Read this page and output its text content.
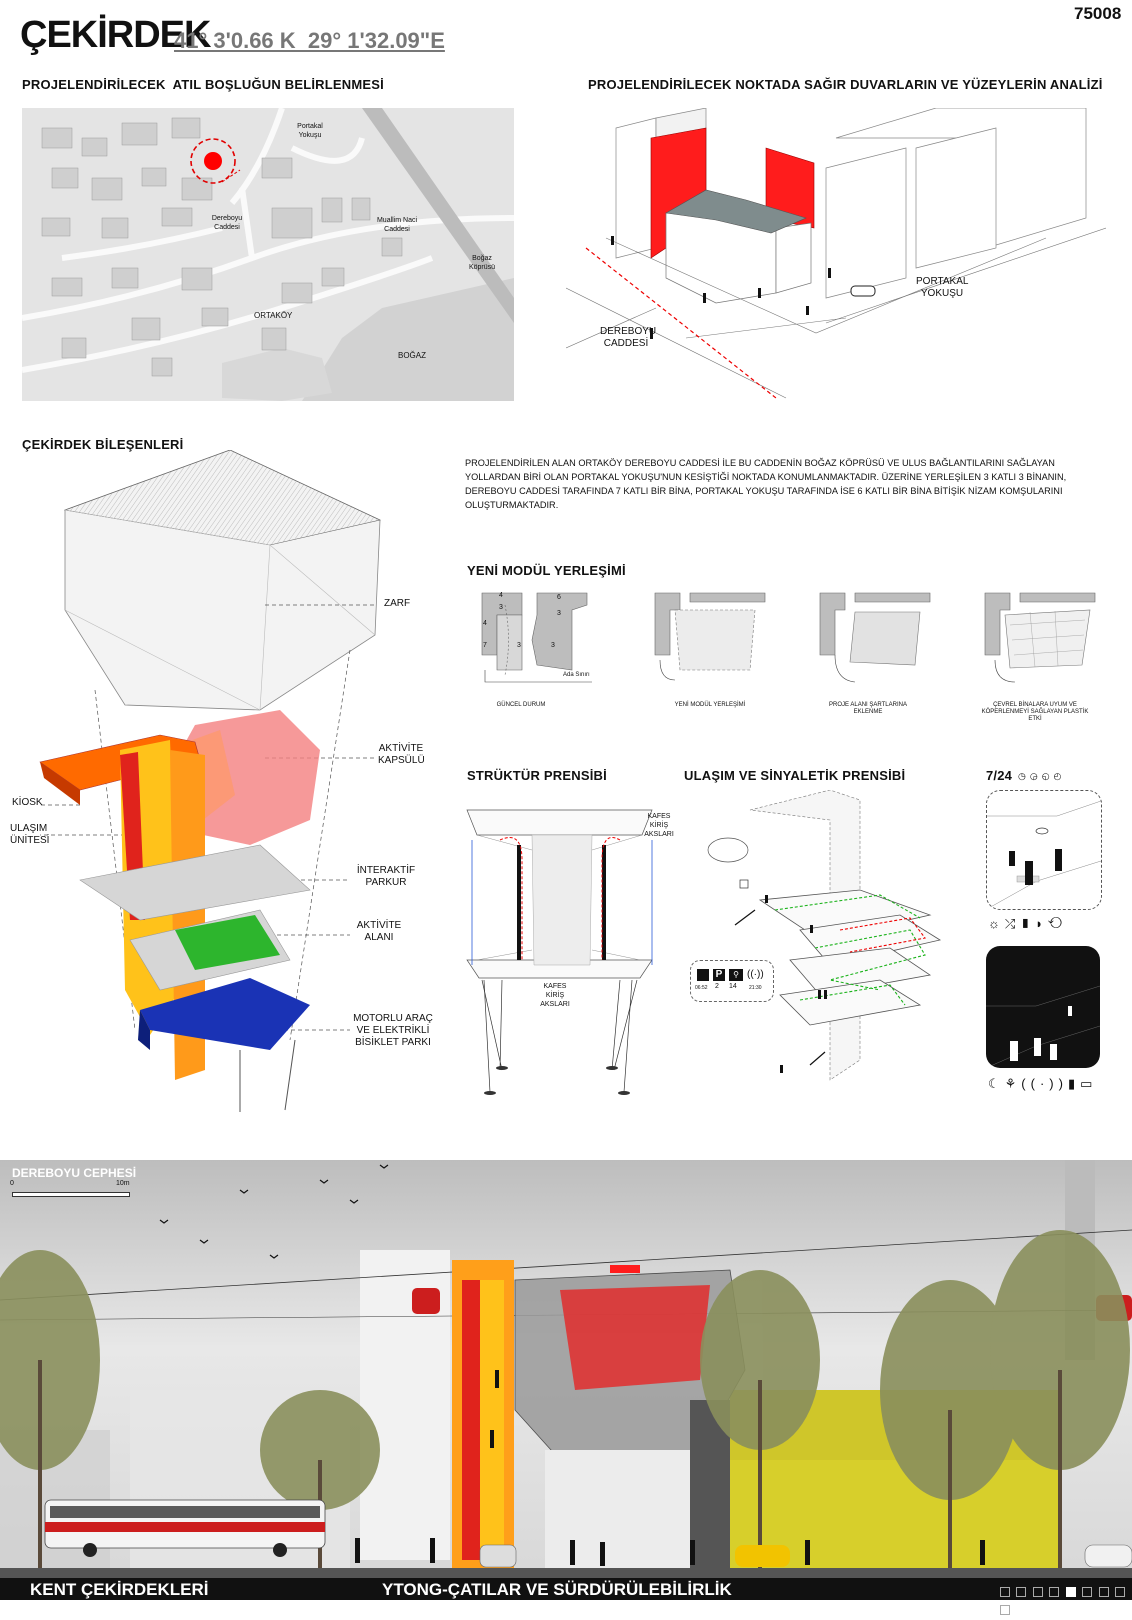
ÇEKİRDEK
41° 3'0.66 K  29° 1'32.09"E
75008
PROJELENDİRİLECEK  ATIL BOŞLUĞUN BELİRLENMESİ
Portakal Yokuşu
Dereboyu Caddesi
Muallim Naci Caddesi
Boğaz Köprüsü
ORTAKÖY
BOĞAZ
PROJELENDİRİLECEK NOKTADA SAĞIR DUVARLARIN VE YÜZEYLERİN ANALİZİ
PORTAKAL YOKUŞU
DEREBOYU CADDESİ
ÇEKİRDEK BİLEŞENLERİ
ZARF
AKTİVİTE KAPSÜLÜ
KİOSK
ULAŞIM ÜNİTESİ
İNTERAKTİF PARKUR
AKTİVİTE ALANI
MOTORLU ARAÇ VE ELEKTRİKLİ BİSİKLET PARKI
PROJELENDİRİLEN ALAN ORTAKÖY DEREBOYU CADDESİ İLE BU CADDENİN BOĞAZ KÖPRÜSÜ VE ULUS BAĞLANTILARINI SAĞLAYAN YOLLARDAN BİRİ OLAN PORTAKAL YOKUŞU'NUN KESİŞTİĞİ NOKTADA KONUMLANMAKTADIR. ÜZERİNE YERLEŞİLEN 3 KATLI 3 BİNANIN, DEREBOYU CADDESİ TARAFINDA 7 KATLI BİR BİNA, PORTAKAL YOKUŞU TARAFINDA İSE 6 KATLI BİR BİNA BİTİŞİK NİZAM KOMŞULARINI OLUŞTURMAKTADIR.
YENİ MODÜL YERLEŞİMİ
4	6
3
3
4
7	3	3
Ada Sınırı
GÜNCEL DURUM	YENİ MODÜL YERLEŞİMİ	PROJE ALANI ŞARTLARINA EKLENME
ÇEVREL BİNALARA UYUM VE KÖPERLENMEYİ SAĞLAYAN PLASTİK ETKİ
STRÜKTÜR PRENSİBİ
KAFES KİRİŞ AKSLARI
KAFES KİRİŞ AKSLARI
ULAŞIM VE SİNYALETİK PRENSİBİ
P	⚲ ((·))
06:52 2 14 21:30
7/24 ◷◶◵◴
☼⤮▮◗⟲
☾⚘((·))▮▭
DEREBOYU CEPHESİ
0	10m
KENT ÇEKİRDEKLERİ	YTONG-ÇATILAR VE SÜRDÜRÜLEBİLİRLİK
